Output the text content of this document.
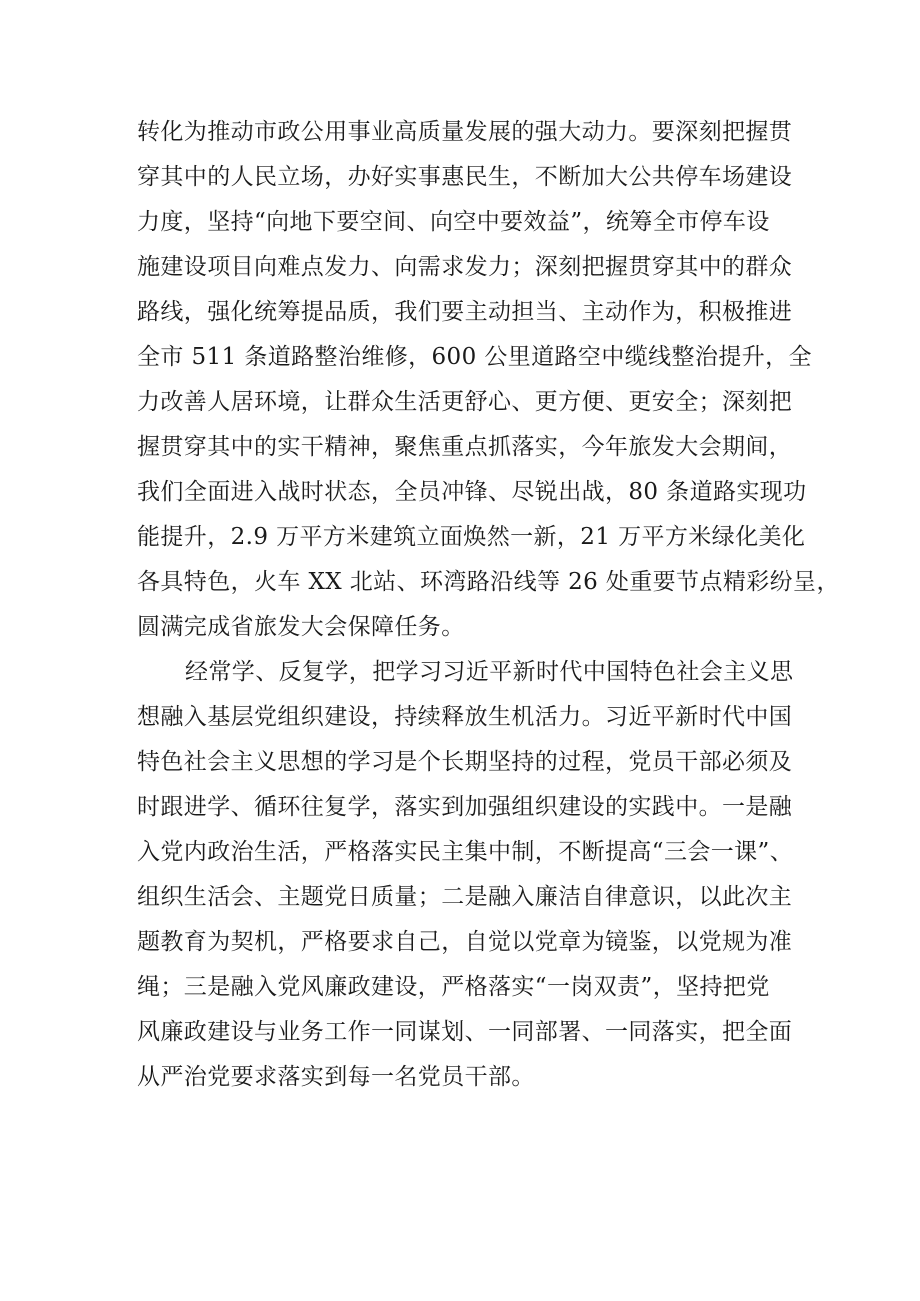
转化为推动市政公用事业高质量发展的强大动力。要深刻把握贯
穿其中的人民立场，办好实事惠民生，不断加大公共停车场建设
力度，坚持“向地下要空间、向空中要效益”，统筹全市停车设
施建设项目向难点发力、向需求发力；深刻把握贯穿其中的群众
路线，强化统筹提品质，我们要主动担当、主动作为，积极推进
全市 511 条道路整治维修，600 公里道路空中缆线整治提升，全
力改善人居环境，让群众生活更舒心、更方便、更安全；深刻把
握贯穿其中的实干精神，聚焦重点抓落实，今年旅发大会期间，
我们全面进入战时状态，全员冲锋、尽锐出战，80 条道路实现功
能提升，2.9 万平方米建筑立面焕然一新，21 万平方米绿化美化
各具特色，火车 XX 北站、环湾路沿线等 26 处重要节点精彩纷呈，
圆满完成省旅发大会保障任务。
经常学、反复学，把学习习近平新时代中国特色社会主义思
想融入基层党组织建设，持续释放生机活力。习近平新时代中国
特色社会主义思想的学习是个长期坚持的过程，党员干部必须及
时跟进学、循环往复学，落实到加强组织建设的实践中。一是融
入党内政治生活，严格落实民主集中制，不断提高“三会一课”、
组织生活会、主题党日质量；二是融入廉洁自律意识，以此次主
题教育为契机，严格要求自己，自觉以党章为镜鉴，以党规为准
绳；三是融入党风廉政建设，严格落实“一岗双责”，坚持把党
风廉政建设与业务工作一同谋划、一同部署、一同落实，把全面
从严治党要求落实到每一名党员干部。
